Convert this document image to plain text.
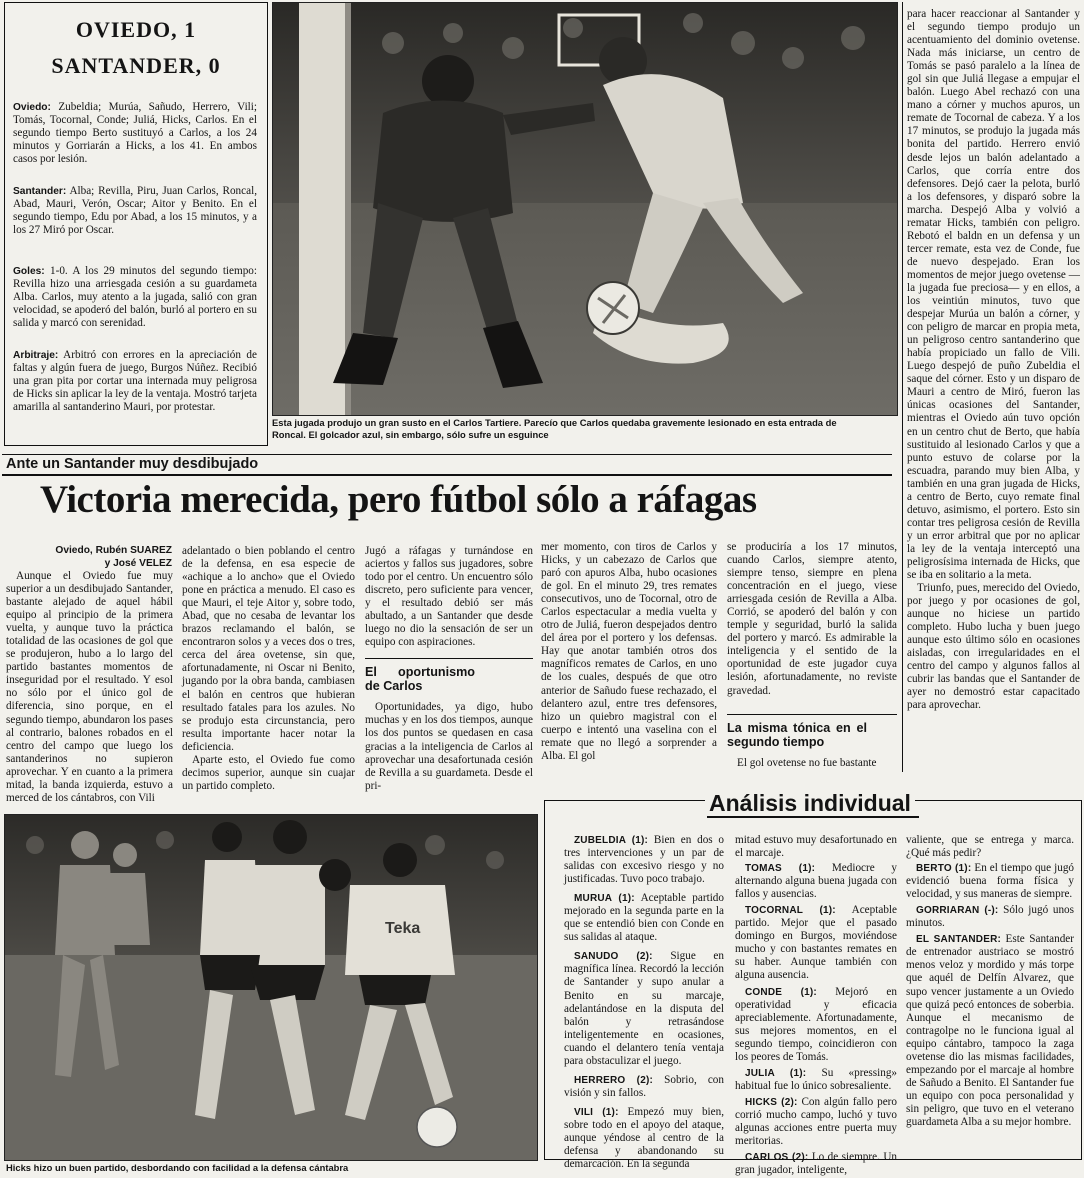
OVIEDO, 1
SANTANDER, 0

Oviedo: Zubeldia; Murúa, Sañudo, Herrero, Vili; Tomás, Tocornal, Conde; Juliá, Hicks, Carlos. En el segundo tiempo Berto sustituyó a Carlos, a los 24 minutos y Gorriarán a Hicks, a los 41. En ambos casos por lesión.

Santander: Alba; Revilla, Piru, Juan Carlos, Roncal, Abad, Mauri, Verón, Oscar; Aitor y Benito. En el segundo tiempo, Edu por Abad, a los 15 minutos, y a los 27 Miró por Oscar.

Goles: 1-0. A los 29 minutos del segundo tiempo: Revilla hizo una arriesgada cesión a su guardameta Alba. Carlos, muy atento a la jugada, salió con gran velocidad, se apoderó del balón, burló al portero en su salida y marcó con serenidad.

Arbitraje: Arbitró con errores en la apreciación de faltas y algún fuera de juego, Burgos Núñez. Recibió una gran pita por cortar una internada muy peligrosa de Hicks sin aplicar la ley de la ventaja. Mostró tarjeta amarilla al santanderino Mauri, por protestar.

Esta jugada produjo un gran susto en el Carlos Tartiere. Parecío que Carlos quedaba gravemente lesionado en esta entrada de Roncal. El golcador azul, sin embargo, sólo sufre un esguince
Ante un Santander muy desdibujado
Victoria merecida, pero fútbol sólo a ráfagas
Oviedo, Rubén SUAREZ
y José VELEZ

Aunque el Oviedo fue muy superior a un desdibujado Santander, bastante alejado de aquel hábil equipo al principio de la primera vuelta, y aunque tuvo la práctica totalidad de las ocasiones de gol que se produjeron, hubo a lo largo del partido bastantes momentos de inseguridad por el resultado. Y esol no sólo por el único gol de diferencia, sino porque, en el segundo tiempo, abundaron los pases al contrario, balones robados en el centro del campo que luego los santanderinos no supieron aprovechar. Y en cuanto a la primera mitad, la banda izquierda, estuvo a merced de los cántabros, con Vili

adelantado o bien poblando el centro de la defensa, en esa especie de «achique a lo ancho» que el Oviedo pone en práctica a menudo. El caso es que Mauri, el teje Aitor y, sobre todo, Abad, que no cesaba de levantar los brazos reclamando el balón, se encontraron solos y a veces dos o tres, cerca del área ovetense, sin que, afortunadamente, ni Oscar ni Benito, jugando por la obra banda, cambiasen el balón en centros que hubieran resultado fatales para los azules. No se produjo esta circunstancia, pero resulta importante hacer notar la deficiencia.

Aparte esto, el Oviedo fue como decimos superior, aunque sin cuajar un partido completo.

Jugó a ráfagas y turnándose en aciertos y fallos sus jugadores, sobre todo por el centro. Un encuentro sólo discreto, pero suficiente para vencer, y el resultado debió ser más abultado, a un Santander que desde luego no dio la sensación de ser un equipo con aspiraciones.

El oportunismo de Carlos

Oportunidades, ya digo, hubo muchas y en los dos tiempos, aunque los dos puntos se quedasen en casa gracias a la inteligencia de Carlos al aprovechar una desafortunada cesión de Revilla a su guardameta. Desde el pri-

mer momento, con tiros de Carlos y Hicks, y un cabezazo de Carlos que paró con apuros Alba, hubo ocasiones de gol. En el minuto 29, tres remates consecutivos, uno de Tocornal, otro de Carlos espectacular a media vuelta y otro de Juliá, fueron despejados dentro del área por el portero y los defensas. Hay que anotar también otros dos magníficos remates de Carlos, en uno de los cuales, después de que otro anterior de Sañudo fuese rechazado, el delantero azul, entre tres defensores, hizo un quiebro magistral con el cuerpo e intentó una vaselina con el remate que no llegó a sorprender a Alba. El gol

se produciría a los 17 minutos, cuando Carlos, siempre atento, siempre tenso, siempre en plena concentración en el juego, viese arriesgada cesión de Revilla a Alba. Corrió, se apoderó del balón y con temple y seguridad, burló la salida del portero y marcó. Es admirable la inteligencia y el sentido de la oportunidad de este jugador cuya lesión, afortunadamente, no reviste gravedad.

La misma tónica en el segundo tiempo

El gol ovetense no fue bastante

para hacer reaccionar al Santander y el segundo tiempo produjo un acentuamiento del dominio ovetense. Nada más iniciarse, un centro de Tomás se pasó paralelo a la línea de gol sin que Juliá llegase a empujar el balón. Luego Abel rechazó con una mano a córner y muchos apuros, un remate de Tocornal de cabeza. Y a los 17 minutos, se produjo la jugada más bonita del partido. Herrero envió desde lejos un balón adelantado a Carlos, que corría entre dos defensores. Dejó caer la pelota, burló a los defensores, y disparó sobre la marcha. Despejó Alba y volvió a rematar Hicks, también con peligro. Rebotó el baldn en un defensa y un tercer remate, esta vez de Conde, fue de nuevo despejado. Eran los momentos de mejor juego ovetense —la jugada fue preciosa— y en ellos, a los veintiún minutos, tuvo que despejar Murúa un balón a córner, y con peligro de marcar en propia meta, un peligroso centro santanderino que había propiciado un fallo de Vili. Luego despejó de puño Zubeldia el saque del córner. Esto y un disparo de Mauri a centro de Miró, fueron las únicas ocasiones del Santander, mientras el Oviedo aún tuvo opción en un centro chut de Berto, que había sustituido al lesionado Carlos y que a punto estuvo de colarse por la escuadra, parando muy bien Alba, y también en una gran jugada de Hicks, a centro de Berto, cuyo remate final detuvo, asimismo, el portero. Esto sin contar tres peligrosa cesión de Revilla y un error arbitral que por no aplicar la ley de la ventaja interceptó una peligrosísima internada de Hicks, que se iba en solitario a la meta.

Triunfo, pues, merecido del Oviedo, por juego y por ocasiones de gol, aunque no hiciese un partido completo. Hubo lucha y buen juego aunque esto último sólo en ocasiones aisladas, con irregularidades en el centro del campo y algunos fallos al cubrir las bandas que el Santander de ayer no demostró estar capacitado para aprovechar.

Teka
Hicks hizo un buen partido, desbordando con facilidad a la defensa cántabra
Análisis individual
ZUBELDIA (1): Bien en dos o tres intervenciones y un par de salidas con excesivo riesgo y no justificadas. Tuvo poco trabajo.
MURUA (1): Aceptable partido mejorado en la segunda parte en la que se entendió bien con Conde en sus salidas al ataque.
SANUDO (2): Sigue en magnífica línea. Recordó la lección de Santander y supo anular a Benito en su marcaje, adelantándose en la disputa del balón y retrasándose inteligentemente en ocasiones, cuando el delantero tenía ventaja para obstaculizar el juego.
HERRERO (2): Sobrio, con visión y sin fallos.
VILI (1): Empezó muy bien, sobre todo en el apoyo del ataque, aunque yéndose al centro de la defensa y abandonando su demarcación. En la segunda
mitad estuvo muy desafortunado en el marcaje.
TOMAS (1): Mediocre y alternando alguna buena jugada con fallos y ausencias.
TOCORNAL (1): Aceptable partido. Mejor que el pasado domingo en Burgos, moviéndose mucho y con bastantes remates en su haber. Aunque también con alguna ausencia.
CONDE (1): Mejoró en operatividad y eficacia apreciablemente. Afortunadamente, sus mejores momentos, en el segundo tiempo, coincidieron con los peores de Tomás.
JULIA (1): Su «pressing» habitual fue lo único sobresaliente.
HICKS (2): Con algún fallo pero corrió mucho campo, luchó y tuvo algunas acciones entre puerta muy meritorias.
CARLOS (2): Lo de siempre. Un gran jugador, inteligente,
valiente, que se entrega y marca. ¿Qué más pedir?
BERTO (1): En el tiempo que jugó evidenció buena forma física y velocidad, y sus maneras de siempre.
GORRIARAN (-): Sólo jugó unos minutos.
EL SANTANDER: Este Santander de entrenador austriaco se mostró menos veloz y mordido y más torpe que aquél de Delfín Alvarez, que supo vencer justamente a un Oviedo que quizá pecó entonces de soberbia. Aunque el mecanismo de contragolpe no le funciona igual al equipo cántabro, tampoco la zaga ovetense dio las mismas facilidades, empezando por el marcaje al hombre de Sañudo a Benito. El Santander fue un equipo con poca personalidad y sin peligro, que tuvo en el veterano guardameta Alba a su mejor hombre.
